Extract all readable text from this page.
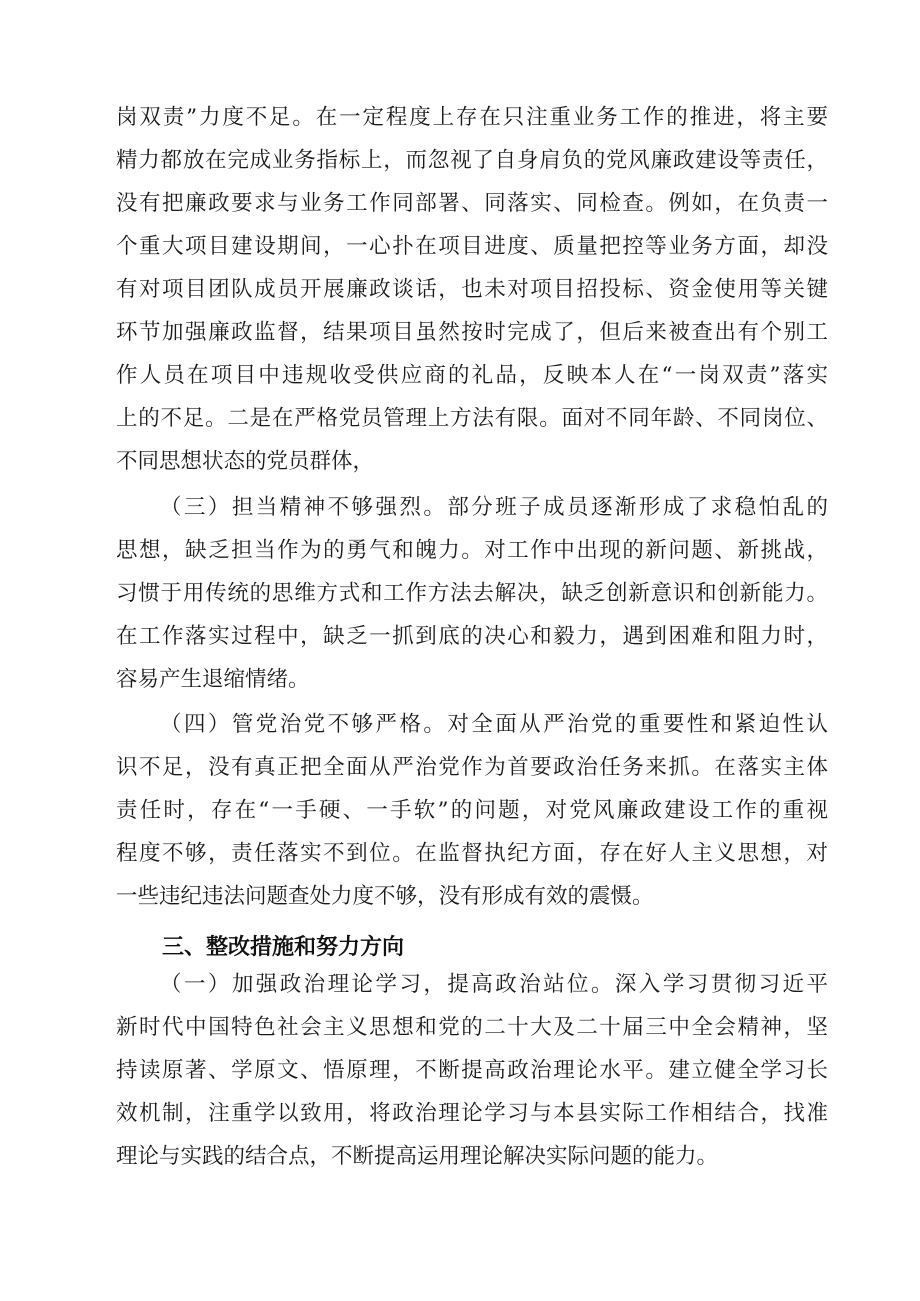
岗双责”力度不足。在一定程度上存在只注重业务工作的推进，将主要
精力都放在完成业务指标上，而忽视了自身肩负的党风廉政建设等责任，
没有把廉政要求与业务工作同部署、同落实、同检查。例如，在负责一
个重大项目建设期间，一心扑在项目进度、质量把控等业务方面，却没
有对项目团队成员开展廉政谈话，也未对项目招投标、资金使用等关键
环节加强廉政监督，结果项目虽然按时完成了，但后来被查出有个别工
作人员在项目中违规收受供应商的礼品，反映本人在“一岗双责”落实
上的不足。二是在严格党员管理上方法有限。面对不同年龄、不同岗位、
不同思想状态的党员群体，
（三）担当精神不够强烈。部分班子成员逐渐形成了求稳怕乱的
思想，缺乏担当作为的勇气和魄力。对工作中出现的新问题、新挑战，
习惯于用传统的思维方式和工作方法去解决，缺乏创新意识和创新能力。
在工作落实过程中，缺乏一抓到底的决心和毅力，遇到困难和阻力时，
容易产生退缩情绪。
（四）管党治党不够严格。对全面从严治党的重要性和紧迫性认
识不足，没有真正把全面从严治党作为首要政治任务来抓。在落实主体
责任时，存在“一手硬、一手软”的问题，对党风廉政建设工作的重视
程度不够，责任落实不到位。在监督执纪方面，存在好人主义思想，对
一些违纪违法问题查处力度不够，没有形成有效的震慑。
三、整改措施和努力方向
（一）加强政治理论学习，提高政治站位。深入学习贯彻习近平
新时代中国特色社会主义思想和党的二十大及二十届三中全会精神，坚
持读原著、学原文、悟原理，不断提高政治理论水平。建立健全学习长
效机制，注重学以致用，将政治理论学习与本县实际工作相结合，找准
理论与实践的结合点，不断提高运用理论解决实际问题的能力。
